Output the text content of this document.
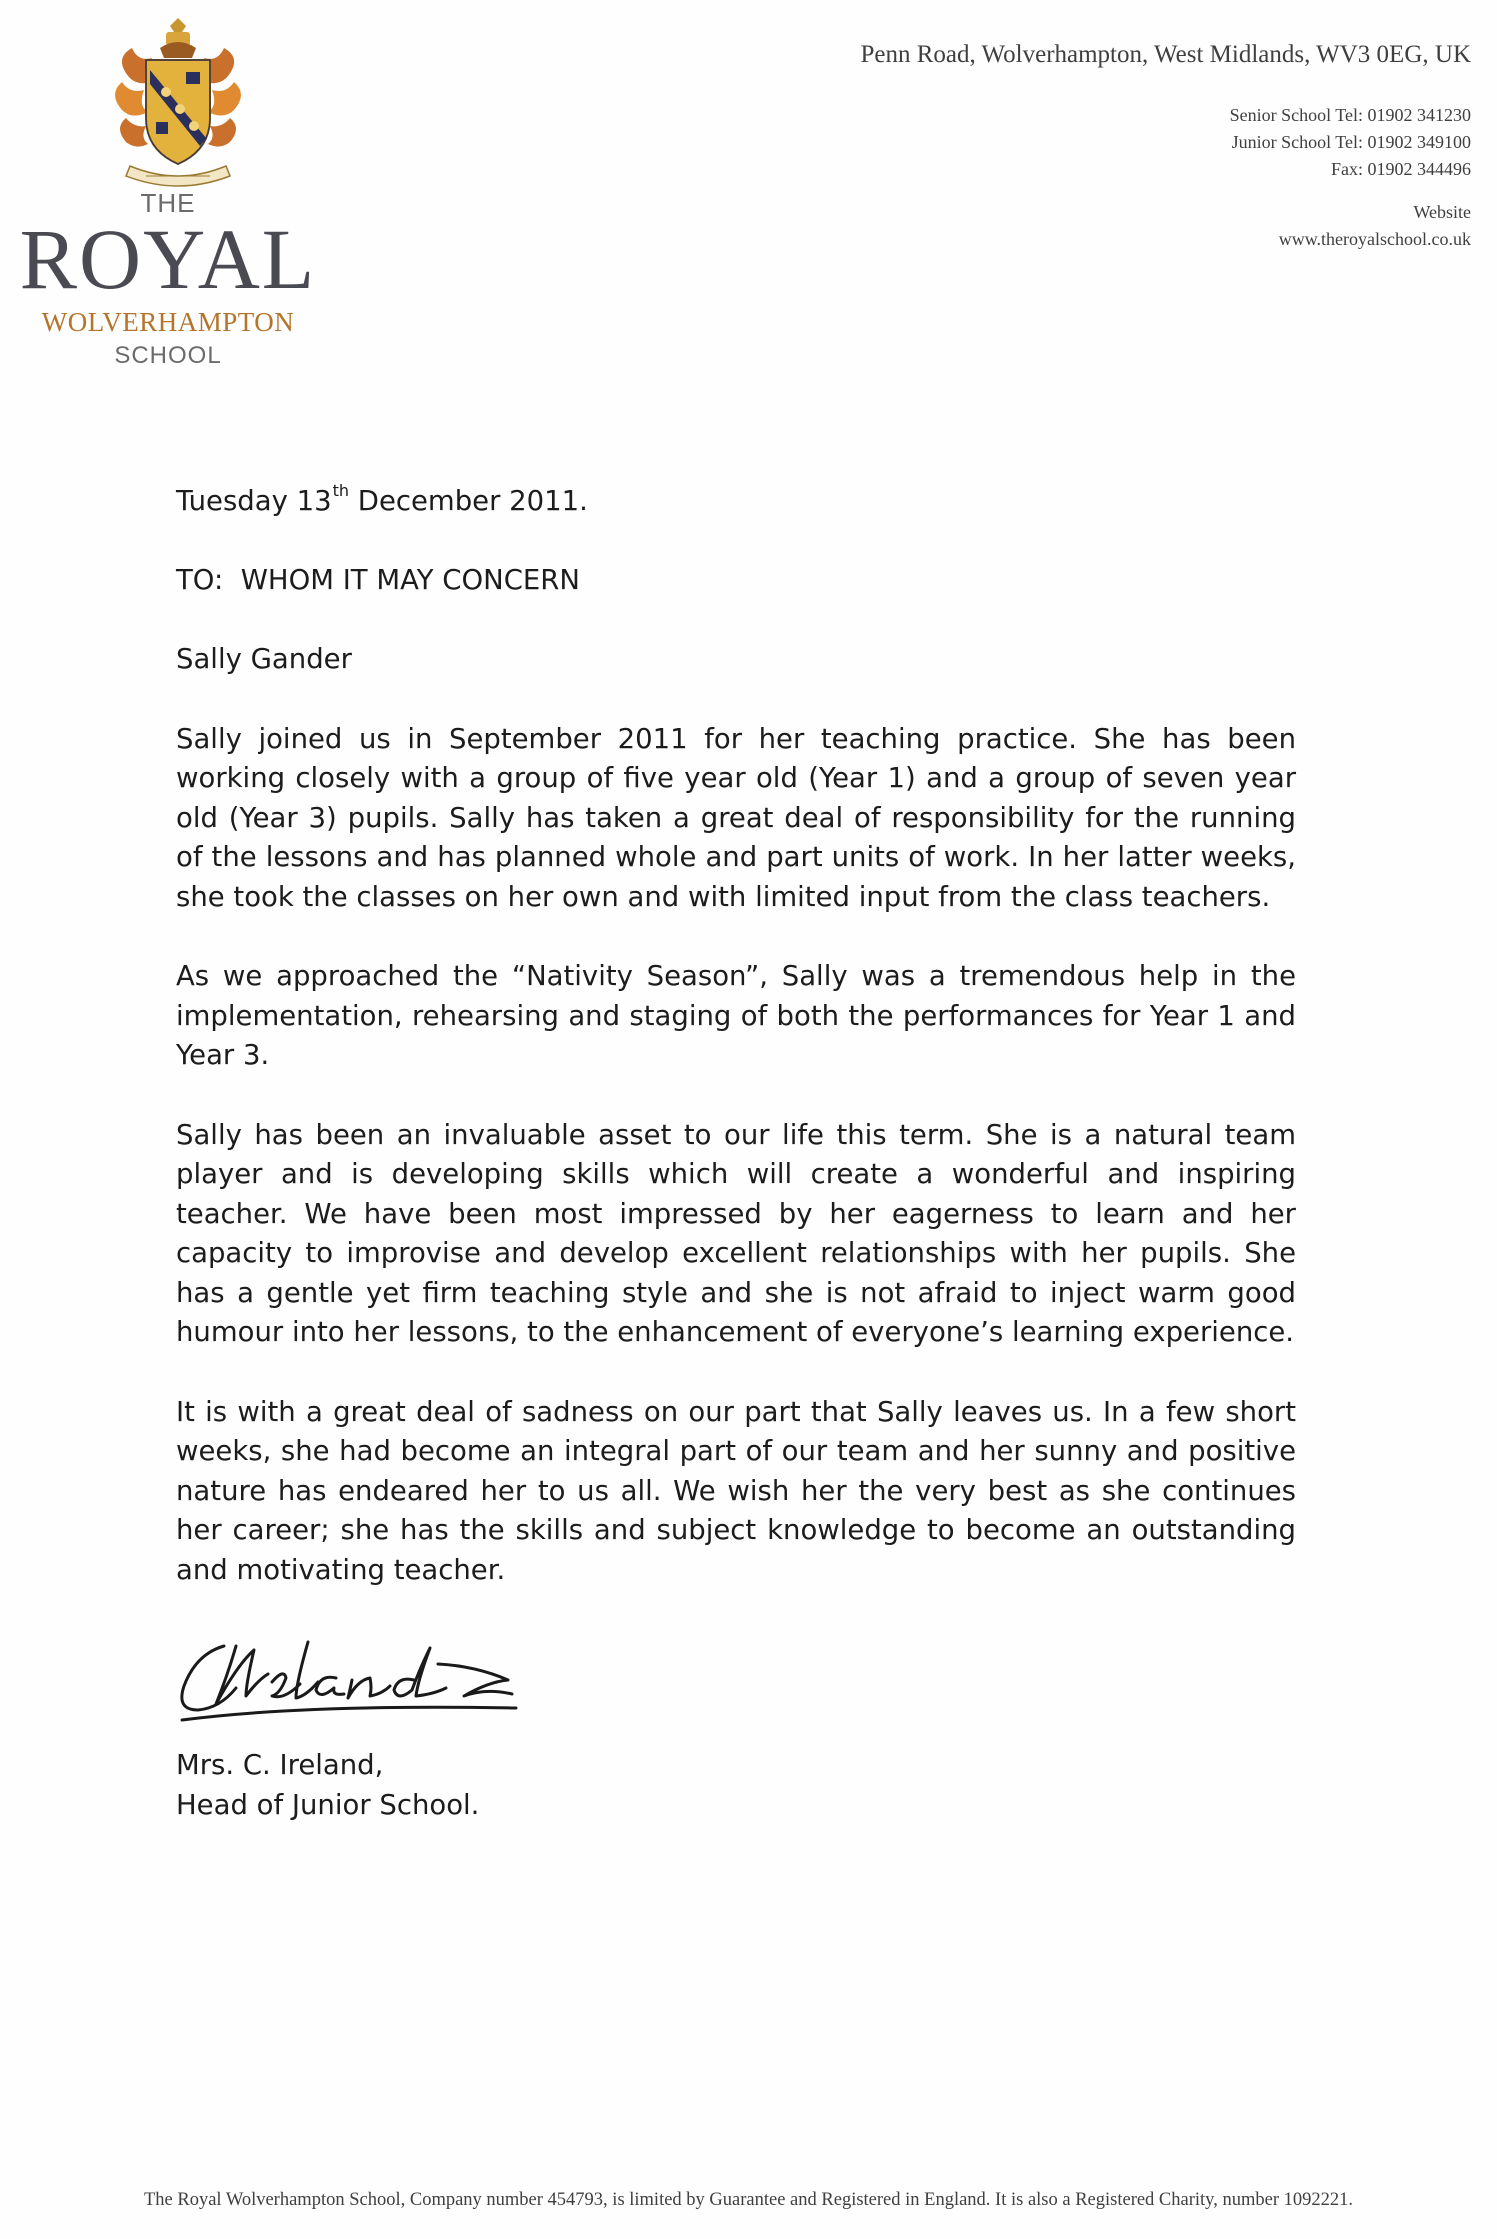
THE
ROYAL
WOLVERHAMPTON
SCHOOL
Penn Road, Wolverhampton, West Midlands, WV3 0EG, UK
Senior School Tel: 01902 341230
Junior School Tel: 01902 349100
Fax: 01902 344496
Website
www.theroyalschool.co.uk

Tuesday 13th December 2011.

TO:  WHOM IT MAY CONCERN

Sally Gander

Sally joined us in September 2011 for her teaching practice. She has been working closely with a group of five year old (Year 1) and a group of seven year old (Year 3) pupils. Sally has taken a great deal of responsibility for the running of the lessons and has planned whole and part units of work. In her latter weeks, she took the classes on her own and with limited input from the class teachers.

As we approached the “Nativity Season”, Sally was a tremendous help in the implementation, rehearsing and staging of both the performances for Year 1 and Year 3.

Sally has been an invaluable asset to our life this term. She is a natural team player and is developing skills which will create a wonderful and inspiring teacher. We have been most impressed by her eagerness to learn and her capacity to improvise and develop excellent relationships with her pupils. She has a gentle yet firm teaching style and she is not afraid to inject warm good humour into her lessons, to the enhancement of everyone’s learning experience.

It is with a great deal of sadness on our part that Sally leaves us. In a few short weeks, she had become an integral part of our team and her sunny and positive nature has endeared her to us all. We wish her the very best as she continues her career; she has the skills and subject knowledge to become an outstanding and motivating teacher.

Mrs. C. Ireland,
Head of Junior School.
The Royal Wolverhampton School, Company number 454793, is limited by Guarantee and Registered in England. It is also a Registered Charity, number 1092221.
